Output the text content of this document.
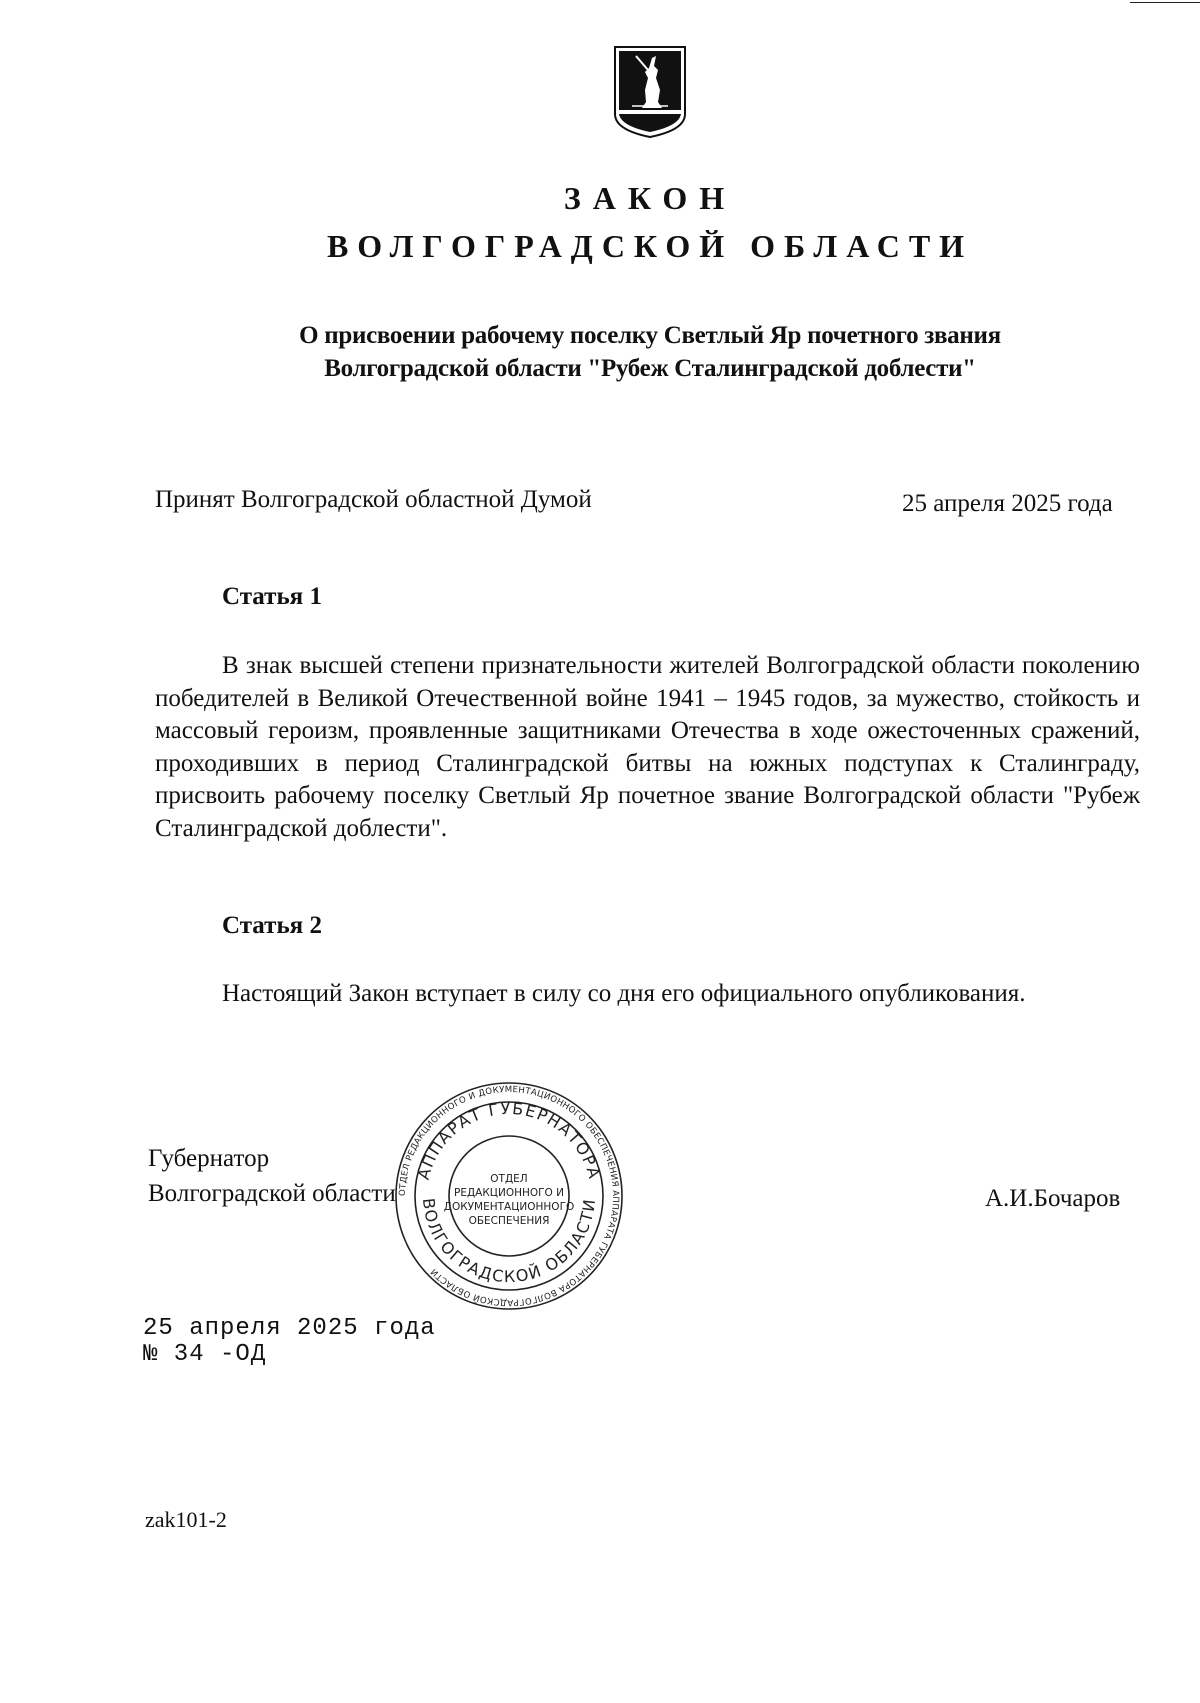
ЗАКОН
ВОЛГОГРАДСКОЙ ОБЛАСТИ
О присвоении рабочему поселку Светлый Яр почетного звания
Волгоградской области "Рубеж Сталинградской доблести"
Принят Волгоградской областной Думой	25 апреля 2025 года
Статья 1

В знак высшей степени признательности жителей Волгоградской области поколению победителей в Великой Отечественной войне 1941 – 1945 годов, за мужество, стойкость и массовый героизм, проявленные защитниками Отечества в ходе ожесточенных сражений, проходивших в период Сталинградской битвы на южных подступах к Сталинграду, присвоить рабочему поселку Светлый Яр почетное звание Волгоградской области "Рубеж Сталинградской доблести".

Статья 2
Настоящий Закон вступает в силу со дня его официального опубликования.
Губернатор
Волгоградской области	А.И.Бочаров
ОТДЕЛ РЕДАКЦИОННОГО И ДОКУМЕНТАЦИОННОГО ОБЕСПЕЧЕНИЯ АППАРАТА ГУБЕРНАТОРА ВОЛГОГРАДСКОЙ ОБЛАСТИ
АППАРАТ ГУБЕРНАТОРА
ВОЛГОГРАДСКОЙ ОБЛАСТИ
ОТДЕЛ
РЕДАКЦИОННОГО И
ДОКУМЕНТАЦИОННОГО
ОБЕСПЕЧЕНИЯ
25 апреля 2025 года
№ 34 -ОД
zak101-2
